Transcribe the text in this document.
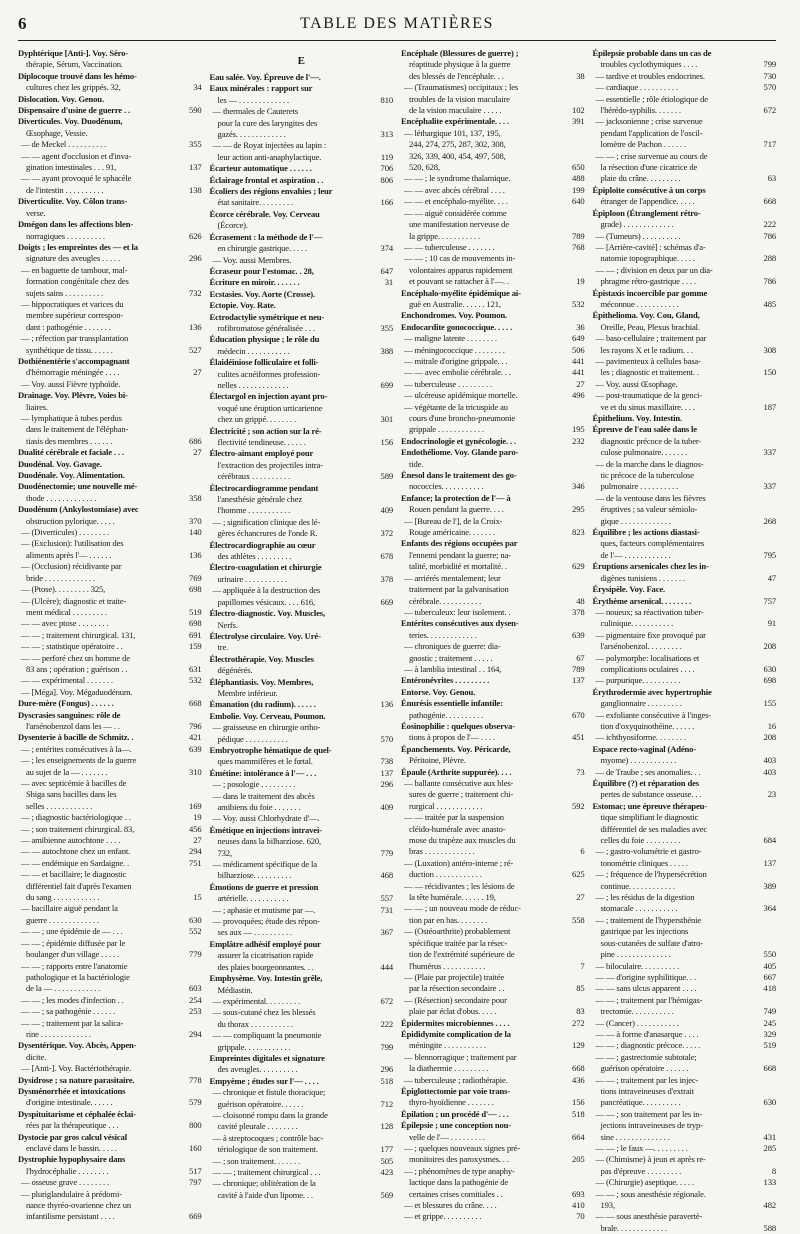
6	TABLE DES MATIÈRES
Dyphtérique [Anti-]. Voy. Séro-
thérapie, Sérum, Vaccination.
Diplocoque trouvé dans les hémo-
cultures chez les grippés. 32,	34
Dislocation. Voy. Genou.
Dispensaire d'usine de guerre . .	590
Diverticules. Voy. Duodénum,
Œsophage, Vessie.
— de Meckel . . . . . . . . . .	355
— — agent d'occlusion et d'inva-
gination intestinales . . . 91,	137
— — ayant provoqué le sphacèle
de l'intestin . . . . . . . . . .	138
Diverticulite. Voy. Côlon trans-
verse.
Dmégon dans les affections blen-
norragiques . . . . . . . . . .	626
Doigts ; les empreintes des — et la
signature des aveugles . . . . .	296
— en baguette de tambour, mal-
formation congénitale chez des
sujets sains . . . . . . . . . .	732
— hippocratiques et varices du
membre supérieur correspon-
dant : pathogénie . . . . . . .	136
— ; réfection par transplantation
synthétique de tissu. . . . . .	527
Dothiénentérie s'accompagnant
d'hémorragie méningée . . . .	27
— Voy. aussi Fièvre typhoïde.
Drainage. Voy. Plèvre, Voies bi-
liaires.
— lymphatique à tubes perdus
dans le traitement de l'éléphan-
tiasis des membres . . . . . .	686
Dualité cérébrale et faciale . . .	27
Duodénal. Voy. Gavage.
Duodénale. Voy. Alimentation.
Duodénectomie; une nouvelle mé-
thode . . . . . . . . . . . . .	358
Duodénum (Ankylostomiase) avec
obstruction pylorique. . . . .	370
— (Diverticules) . . . . . . . .	140
— (Exclusion): l'utilisation des
aliments après l'— . . . . . .	136
— (Occlusion) récidivante par
bride . . . . . . . . . . . . .	769
— (Ptose). . . . . . . . . 325,	698
— (Ulcère); diagnostic et traite-
ment médical . . . . . . . . .	519
— — avec ptose . . . . . . . .	698
— — ; traitement chirurgical. 131,	691
— — ; statistique opératoire . .	159
— — perforé chez un homme de
83 ans ; opération ; guérison . .	631
— — expérimental . . . . . . .	532
— [Méga]. Voy. Mégaduodénum.
Dure-mère (Fongus) . . . . . .	668
Dyscrasies sanguines: rôle de
l'arsénobenzol dans les — . .	796
Dysenterie à bacille de Schmitz. .	421
— ; entérites consécutives à la—.	639
— ; les enseignements de la guerre
au sujet de la — . . . . . . .	310
— avec septicémie à bacilles de
Shiga sans bacilles dans les
selles . . . . . . . . . . . .	169
— ; diagnostic bactériologique . .	19
— ; son traitement chirurgical. 83,	456
— amibienne autochtone . . . .	27
— — autochtone chez un enfant.	294
— — endémique en Sardaigne. .	751
— — et bacillaire; le diagnostic
différentiel fait d'après l'examen
du sang . . . . . . . . . . . .	15
— bacillaire aiguë pendant la
guerre . . . . . . . . . . . . .	630
— — ; une épidémie de — . . .	552
— — ; épidémie diffusée par le
boulanger d'un village . . . . .	779
— — ; rapports entre l'anatomie
pathologique et la bactériologie
de la — . . . . . . . . . . . .	603
— — ; les modes d'infection . .	254
— — ; sa pathogénie . . . . . .	253
— — ; traitement par la salica-
rine . . . . . . . . . . . . .	294
Dysentérique. Voy. Abcès, Appen-
dicite.
— [Anti-]. Voy. Bactériothérapie.
Dysidrose ; sa nature parasitaire.	778
Dysménorrhée et intoxications
d'origine intestinale. . . . . .	579
Dyspituitarisme et céphalée éclai-
rées par la thérapeutique . . .	800
Dystocie par gros calcul vésical
enclavé dans le bassin. . . . .	160
Dystrophie hypophysaire dans
l'hydrocéphalie . . . . . . . .	517
— osseuse grave . . . . . . . .	797
— pluriglandulaire à prédomi-
nance thyréo-ovarienne chez un
infantilisme persistant . . . .	669
E
Eau salée. Voy. Épreuve de l'—.
Eaux minérales : rapport sur
les — . . . . . . . . . . . . .	810
— thermales de Cauterets
pour la cure des laryngites des
gazés. . . . . . . . . . . . .	313
— — de Royat injectées au lapin :
leur action anti-anaphylactique.	119
Écarteur automatique . . . . . .	706
Éclairage frontal et aspiration . .	806
Écoliers des régions envahies ; leur
état sanitaire. . . . . . . . .	166
Écorce cérébrale. Voy. Cerveau
(Écorce).
Écrasement : la méthode de l'—
en chirurgie gastrique. . . . .	374
— Voy. aussi Membres.
Écraseur pour l'estomac. . 28,	647
Écriture en miroir. . . . . . .	31
Ecstasies. Voy. Aorte (Crosse).
Ectopie. Voy. Rate.
Ectrodactylie symétrique et neu-
rofibromatose généralisée . . .	355
Éducation physique ; le rôle du
médecin . . . . . . . . . . .	388
Élaidéiniose folliculaire et folli-
culites acnéiformes profession-
nelles . . . . . . . . . . . . .	699
Électargol en injection ayant pro-
voqué une éruption urticarienne
chez un grippé. . . . . . . .	301
Électricité ; son action sur la ré-
flectivité tendineuse. . . . . .	156
Électro-aimant employé pour
l'extraction des projectiles intra-
cérébraux . . . . . . . . . .	589
Électrocardiogramme pendant
l'anesthésie générale chez
l'homme . . . . . . . . . . .	409
— ; signification clinique des lé-
gères échancrures de l'onde R.	372
Électrocardiographie au cœur
des athlètes . . . . . . . . .	678
Électro-coagulation et chirurgie
urinaire . . . . . . . . . . .	378
— appliquée à la destruction des
papillomes vésicaux. . . . 616,	669
Électro-diagnostic. Voy. Muscles,
Nerfs.
Électrolyse circulaire. Voy. Uré-
tre.
Électrothérapie. Voy. Muscles
dégénérés.
Éléphantiasis. Voy. Membres,
Membre inférieur.
Émanation (du radium). . . . . .	136
Embolie. Voy. Cerveau, Poumon.
— graisseuse en chirurgie ortho-
pédique . . . . . . . . . . .	570
Embryotrophe hématique de quel-
ques mammifères et le fœtal.	738
Émétine: intolérance à l'— . . .	137
— ; posologie . . . . . . . . .	296
— dans le traitement des abcès
amibiens du foie . . . . . . .	409
— Voy. aussi Chlorhydrate d'—.
Émétique en injections intravei-
neuses dans la bilharziose. 620,
732,	779
— médicament spécifique de la
bilharziose. . . . . . . . . .	468
Émotions de guerre et pression
artérielle. . . . . . . . . . .	557
— ; aphasie et mutisme par —.	731
— provoquées; étude des répon-
ses aux — . . . . . . . . . .	367
Emplâtre adhésif employé pour
assurer la cicatrisation rapide
des plaies bourgeonnantes. . .	444
Emphysème. Voy. Intestin grêle,
Médiastin.
— expérimental. . . . . . . . .	672
— sous-cutané chez les blessés
du thorax . . . . . . . . . . .	222
— — compliquant la pneumonie
grippale. . . . . . . . . . . .	799
Empreintes digitales et signature
des aveugles. . . . . . . . . .	296
Empyème ; études sur l'— . . . .	518
— chronique et fistule thoracique;
guérison opératoire. . . . . .	712
— cloisonné rompu dans la grande
cavité pleurale . . . . . . . .	128
— à streptocoques ; contrôle bac-
tériologique de son traitement.	177
— ; son traitement. . . . . . .	505
— — ; traitement chirurgical . . .	423
— chronique; oblitération de la
cavité à l'aide d'un lipome. . .	569
Encéphale (Blessures de guerre) ;
réaptitude physique à la guerre
des blessés de l'encéphale. . .	38
— (Traumatismes) occipitaux ; les
troubles de la vision maculaire
de la vision maculaire . . . . .	102
Encéphalite expérimentale. . . .	391
— léthargique 101, 137, 195,
244, 274, 275, 287, 302, 308,
326, 339, 400, 454, 497, 508,
520, 628,	650
— — ; le syndrome thalamique.	488
— — avec abcès cérébral . . . .	199
— — et encéphalo-myélite. . . .	640
— — aiguë considérée comme
une manifestation nerveuse de
la grippe. . . . . . . . . . .	789
— — tuberculeuse . . . . . . .	768
— — ; 10 cas de mouvements in-
volontaires apparus rapidement
et pouvant se rattacher à l'—. .	19
Encéphalo-myélite épidémique ai-
guë en Australie. . . . . . 121,	532
Enchondromes. Voy. Poumon.
Endocardite gonococcique. . . . .	36
— maligne latente . . . . . . . .	649
— méningococcique . . . . . . . .	506
— mitrale d'origine grippale. . .	441
— — avec embolie cérébrale. . .	441
— tuberculeuse . . . . . . . . .	27
— ulcéreuse apidémique mortelle.	496
— végétante de la tricuspide au
cours d'une broncho-pneumonie
grippale . . . . . . . . . . . .	195
Endocrinologie et gynécologie. . .	232
Endothéliome. Voy. Glande paro-
tide.
Énesol dans le traitement des go-
nococcies. . . . . . . . . . .	346
Enfance; la protection de l'— à
Rouen pendant la guerre. . . .	295
— [Bureau de l'], de la Croix-
Rouge américaine. . . . . . .	823
Enfants des régions occupées par
l'ennemi pendant la guerre; na-
talité, morbidité et mortalité. .	629
— arriérés mentalement; leur
traitement par la galvanisation
cérébrale. . . . . . . . . . .	48
— tuberculeux: leur isolement. .	378
Entérites consécutives aux dysen-
teries. . . . . . . . . . . . .	639
— chroniques de guerre: dia-
gnostic ; traitement . . . . .	67
— à lamblia intestinal . . 164,	789
Entéronévrites . . . . . . . . .	137
Entorse. Voy. Genou.
Énurésis essentielle infantile:
pathogénie. . . . . . . . . .	670
Éosinophilie : quelques observa-
tions à propos de l'— . . . .	451
Épanchements. Voy. Péricarde,
Péritoine, Plèvre.
Épaule (Arthrite suppurée). . . .	73
— ballante consécutive aux bles-
sures de guerre ; traitement chi-
rurgical . . . . . . . . . . . .	592
— — traitée par la suspension
cléido-humérale avec anasto-
mose du trapèze aux muscles du
bras . . . . . . . . . . . . .	6
— (Luxation) antéro-interne ; ré-
duction . . . . . . . . . . . .	625
— — récidivantes ; les lésions de
la tête humérale. . . . . . 19,	27
— — ; un nouveau mode de réduc-
tion par en bas. . . . . . . .	558
— (Ostéoarthrite) probablement
spécifique traitée par la résec-
tion de l'extrémité supérieure de
l'humérus . . . . . . . . . . .	7
— (Plaie par projectile) traitée
par la résection secondaire . .	85
— (Résection) secondaire pour
plaie par éclat d'obus. . . . .	83
Épidermites microbiennes . . . .	272
Épididymite complication de la
méningite . . . . . . . . . . .	129
— blennorragique ; traitement par
la diathermie . . . . . . . . .	668
— tuberculeuse ; radiothérapie.	436
Épiglottectomie par voie trans-
thyro-hyoïdienne . . . . . . .	156
Épilation ; un procédé d'— . . .	518
Épilepsie ; une conception nou-
velle de l'— . . . . . . . . .	664
— ; quelques nouveaux signes pré-
monitoires des paroxysmes. . .	205
— ; phénomènes de type anaphy-
lactique dans la pathogénie de
certaines crises comitiales . .	693
— et blessures du crâne. . . .	410
— et grippe. . . . . . . . . .	70
Épilepsie probable dans un cas de
troubles cyclothymiques . . . .	799
— tardive et troubles endocrines.	730
— cardiaque . . . . . . . . . .	570
— essentielle ; rôle étiologique de
l'hérédo-syphilis. . . . . . .	672
— jacksonienne ; crise survenue
pendant l'application de l'oscil-
lomètre de Pachon . . . . . .	717
— — ; crise survenue au cours de
la résection d'une cicatrice de
plaie du crâne. . . . . . . . .	63
Épiploïte consécutive à un corps
étranger de l'appendice. . . . .	668
Épiploon (Étranglement rétro-
grade) . . . . . . . . . . . . .	222
— (Tumeurs) . . . . . . . . . .	786
— [Arrière-cavité] : schémas d'a-
natomie topographique. . . . .	288
— — ; division en deux par un dia-
phragme rétro-gastrique . . . .	786
Épistaxis incoercible par gomme
méconnue . . . . . . . . . . .	485
Épithelioma. Voy. Cou, Gland,
Oreille, Peau, Plexus brachial.
— baso-cellulaire ; traitement par
les rayons X et le radium. . .	308
— pavimenteux à cellules basa-
les ; diagnostic et traitement. .	150
— Voy. aussi Œsophage.
— post-traumatique de la genci-
ve et du sinus maxillaire. . . .	187
Épithelium. Voy. Intestin.
Épreuve de l'eau salée dans le
diagnostic précoce de la tuber-
culose pulmonaire. . . . . . .	337
— de la marche dans le diagnos-
tic précoce de la tuberculose
pulmonaire . . . . . . . . . .	337
— de la ventouse dans les fièvres
éruptives ; sa valeur sémiolo-
gique . . . . . . . . . . . . .	268
Équilibre ; les actions diastasi-
ques, facteurs complémentaires
de l'— . . . . . . . . . . . .	795
Éruptions arsenicales chez les in-
digènes tunisiens . . . . . . .	47
Érysipèle. Voy. Face.
Érythème arsenical. . . . . . . .	757
— noueux; sa réactivation tuber-
culinique. . . . . . . . . . .	91
— pigmentaire fixe provoqué par
l'arsénobenzol. . . . . . . . .	208
— polymorphe: localisations et
complications oculaires . . . .	630
— purpurique. . . . . . . . . .	698
Érythrodermie avec hypertrophie
ganglionnaire . . . . . . . . .	155
— exfoliante consécutive à l'inges-
tion d'oxyquinothéine. . . . . .	16
— ichthyosiforme. . . . . . . .	208
Espace recto-vaginal (Adéno-
myome) . . . . . . . . . . . .	403
— de Traube ; ses anomalies. . .	403
Équilibre (?) et réparation des
pertes de substance osseuse. . .	23
Estomac; une épreuve thérapeu-
tique simplifiant le diagnostic
différentiel de ses maladies avec
celles du foie . . . . . . . . .	684
— ; gastro-volumétrie et gastro-
tonométrie cliniques . . . . .	137
— ; fréquence de l'hypersécrétion
continue. . . . . . . . . . . .	389
— ; les résidus de la digestion
stomacale . . . . . . . . . . .	364
— ; traitement de l'hypersthénie
gastrique par les injections
sous-cutanées de sulfate d'atro-
pine . . . . . . . . . . . . . .	550
— biloculaire. . . . . . . . . .	405
— — d'origine syphilitique. . .	667
— — sans ulcus apparent . . . .	418
— — ; traitement par l'hémigas-
trectomie. . . . . . . . . . .	749
— (Cancer) . . . . . . . . . . .	245
— — à forme d'anasarque . . . .	329
— — ; diagnostic précoce. . . . .	519
— — ; gastrectomie subtotale;
guérison opératoire . . . . . .	668
— — ; traitement par les injec-
tions intraveineuses d'extrait
pancréatique. . . . . . . . . .	630
— — ; son traitement par les in-
jections intraveineuses de tryp-
sine . . . . . . . . . . . . . .	431
— — ; le faux —. . . . . . . . .	285
— (Chimisme) à jeun et après re-
pas d'épreuve . . . . . . . . .	8
— (Chirurgie) aseptique. . . . .	133
— — ; sous anesthésie régionale.
193,	482
— — sous anesthésie paravertè-
brale. . . . . . . . . . . . .	588
